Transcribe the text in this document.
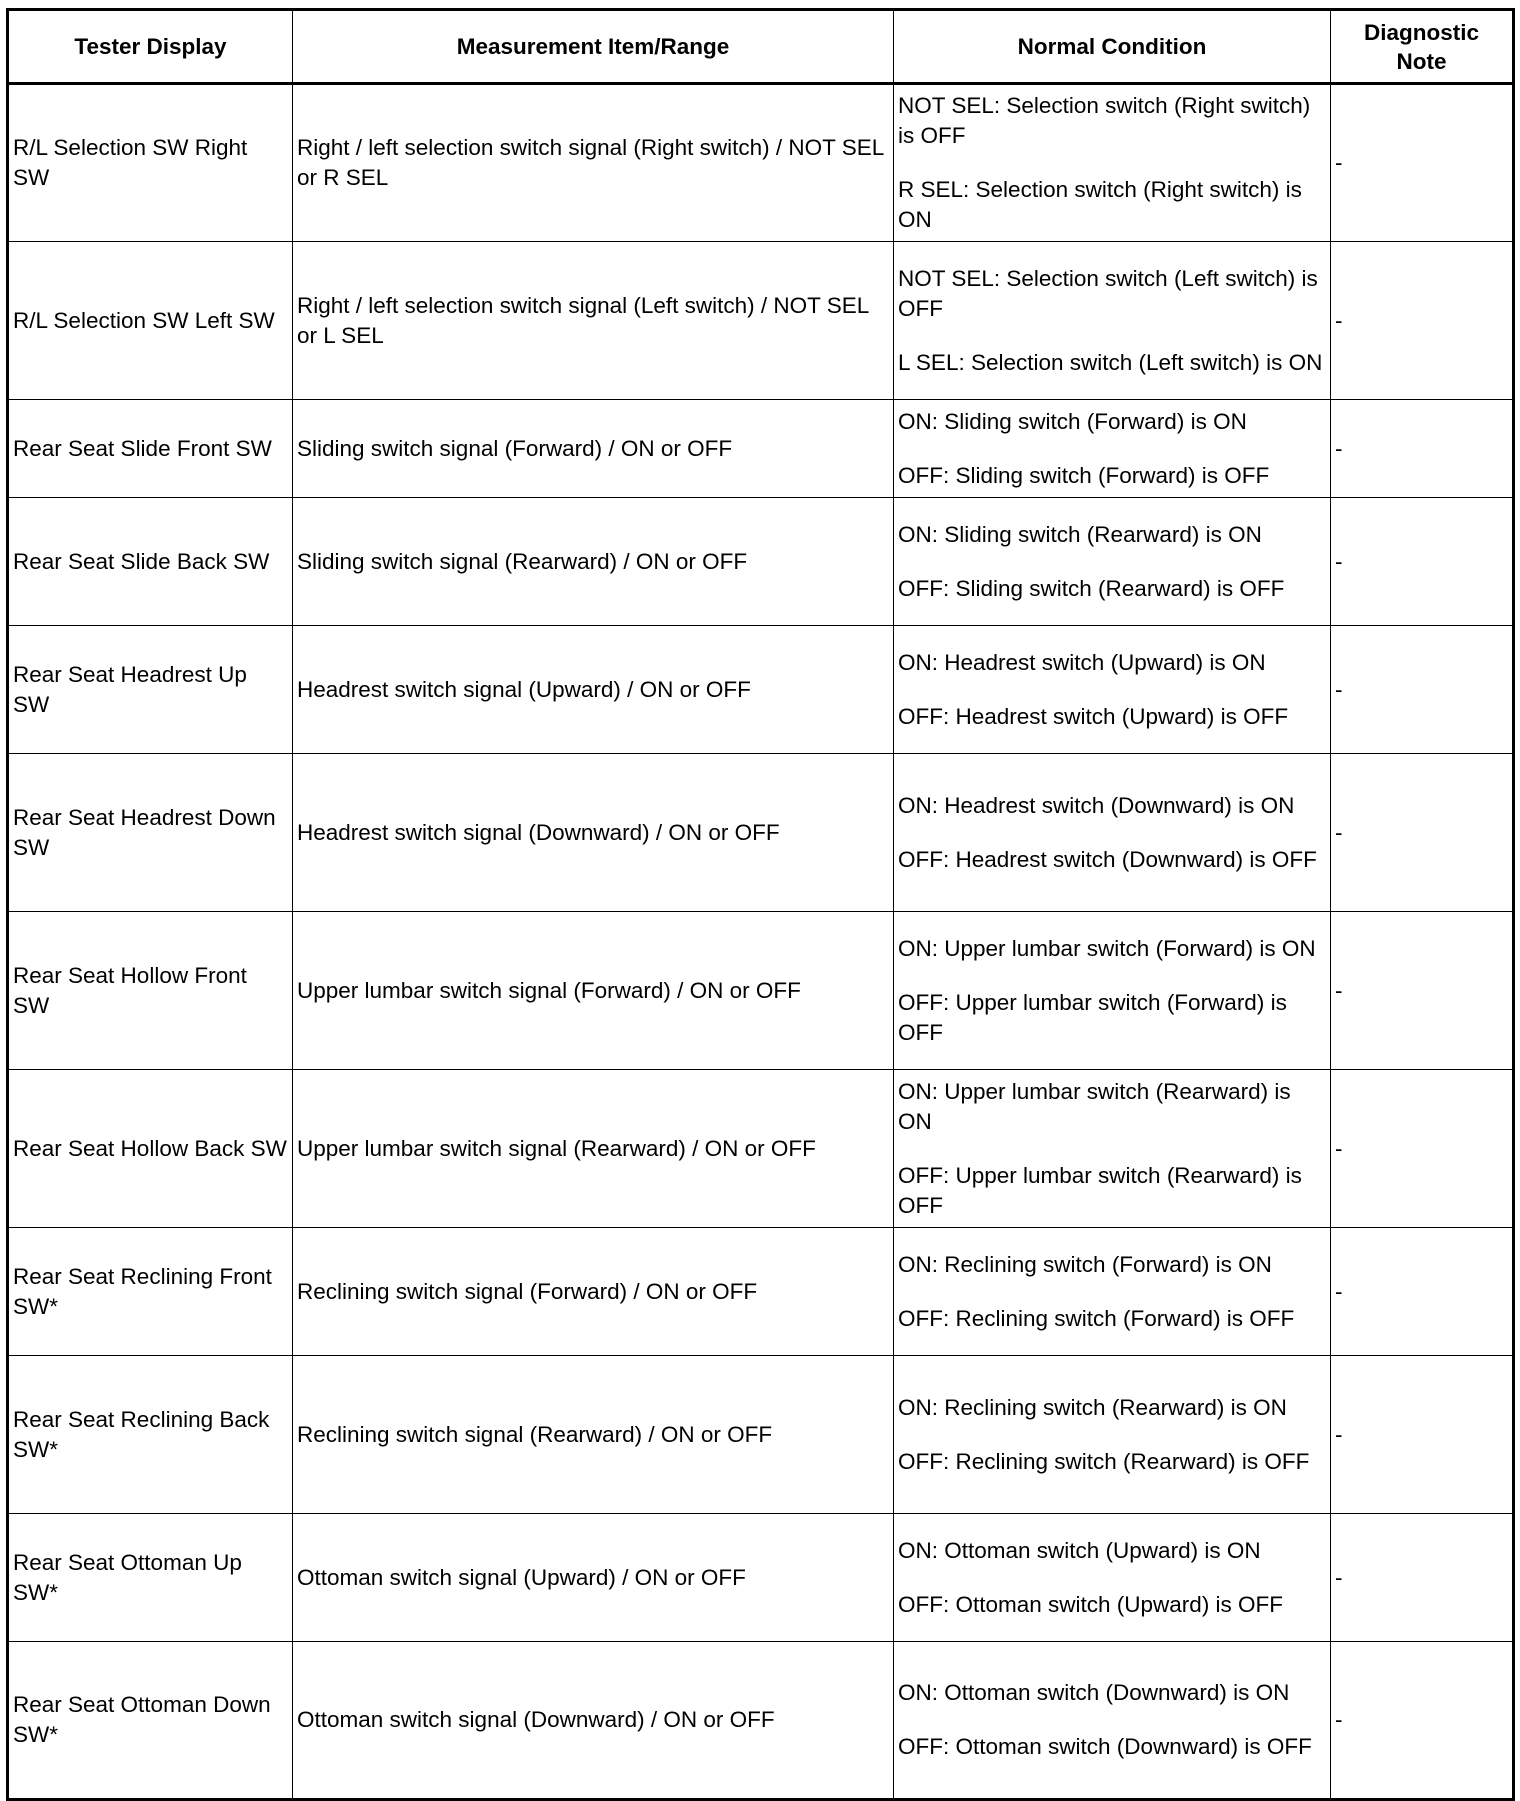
Tester Display	Measurement Item/Range	Normal Condition	Diagnostic Note
R/L Selection SW Right SW	Right / left selection switch signal (Right switch) / NOT SEL or R SEL	NOT SEL: Selection switch (Right switch) is OFF

R SEL: Selection switch (Right switch) is ON	-
R/L Selection SW Left SW	Right / left selection switch signal (Left switch) / NOT SEL or L SEL	NOT SEL: Selection switch (Left switch) is OFF

L SEL: Selection switch (Left switch) is ON	-
Rear Seat Slide Front SW	Sliding switch signal (Forward) / ON or OFF	ON: Sliding switch (Forward) is ON

OFF: Sliding switch (Forward) is OFF	-
Rear Seat Slide Back SW	Sliding switch signal (Rearward) / ON or OFF	ON: Sliding switch (Rearward) is ON

OFF: Sliding switch (Rearward) is OFF	-
Rear Seat Headrest Up SW	Headrest switch signal (Upward) / ON or OFF	ON: Headrest switch (Upward) is ON

OFF: Headrest switch (Upward) is OFF	-
Rear Seat Headrest Down SW	Headrest switch signal (Downward) / ON or OFF	ON: Headrest switch (Downward) is ON

OFF: Headrest switch (Downward) is OFF	-
Rear Seat Hollow Front SW	Upper lumbar switch signal (Forward) / ON or OFF	ON: Upper lumbar switch (Forward) is ON

OFF: Upper lumbar switch (Forward) is OFF	-
Rear Seat Hollow Back SW	Upper lumbar switch signal (Rearward) / ON or OFF	ON: Upper lumbar switch (Rearward) is ON

OFF: Upper lumbar switch (Rearward) is OFF	-
Rear Seat Reclining Front SW*	Reclining switch signal (Forward) / ON or OFF	ON: Reclining switch (Forward) is ON

OFF: Reclining switch (Forward) is OFF	-
Rear Seat Reclining Back SW*	Reclining switch signal (Rearward) / ON or OFF	ON: Reclining switch (Rearward) is ON

OFF: Reclining switch (Rearward) is OFF	-
Rear Seat Ottoman Up SW*	Ottoman switch signal (Upward) / ON or OFF	ON: Ottoman switch (Upward) is ON

OFF: Ottoman switch (Upward) is OFF	-
Rear Seat Ottoman Down SW*	Ottoman switch signal (Downward) / ON or OFF	ON: Ottoman switch (Downward) is ON

OFF: Ottoman switch (Downward) is OFF	-
